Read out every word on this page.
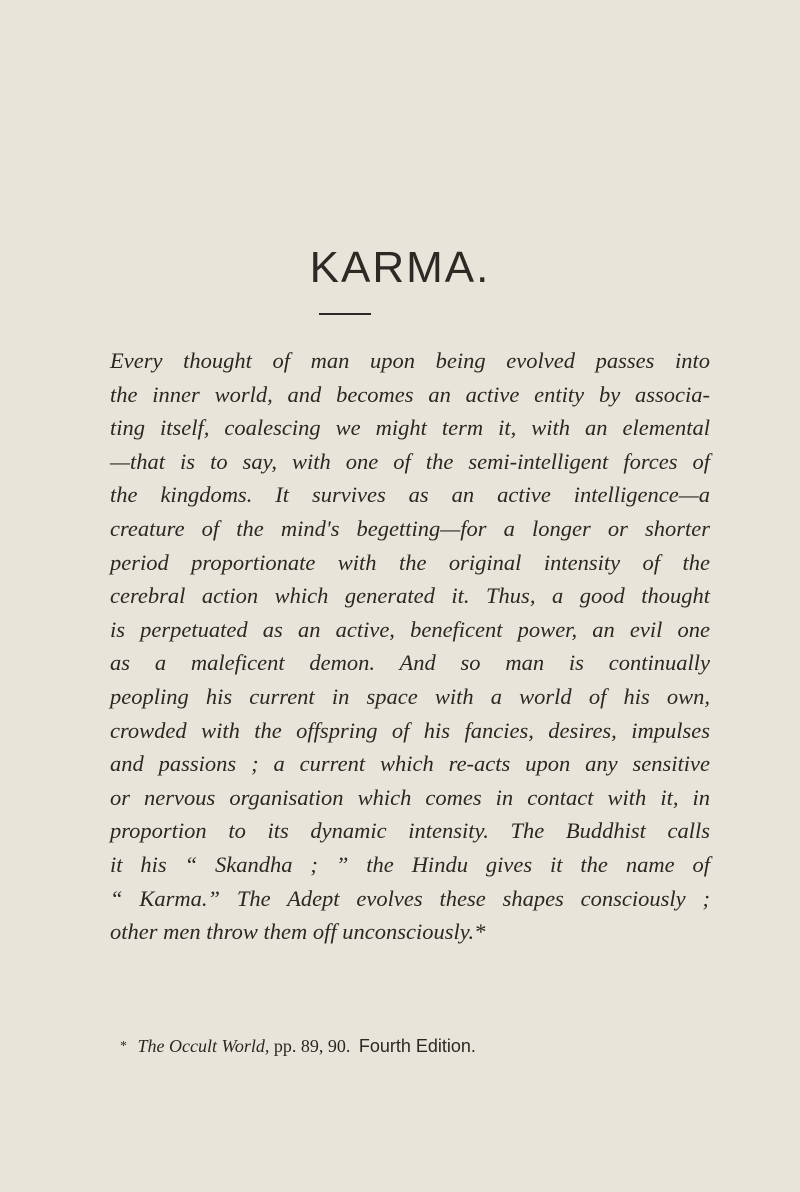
KARMA.
Every thought of man upon being evolved passes into
the inner world, and becomes an active entity by associa-
ting itself, coalescing we might term it, with an elemental
—that is to say, with one of the semi-intelligent forces of
the kingdoms. It survives as an active intelligence—a
creature of the mind's begetting—for a longer or shorter
period proportionate with the original intensity of the
cerebral action which generated it. Thus, a good thought
is perpetuated as an active, beneficent power, an evil one
as a maleficent demon. And so man is continually
peopling his current in space with a world of his own,
crowded with the offspring of his fancies, desires, impulses
and passions ; a current which re-acts upon any sensitive
or nervous organisation which comes in contact with it, in
proportion to its dynamic intensity. The Buddhist calls
it his “ Skandha ; ” the Hindu gives it the name of
“ Karma.” The Adept evolves these shapes consciously ;
other men throw them off unconsciously.*
* The Occult World, pp. 89, 90. Fourth Edition.
